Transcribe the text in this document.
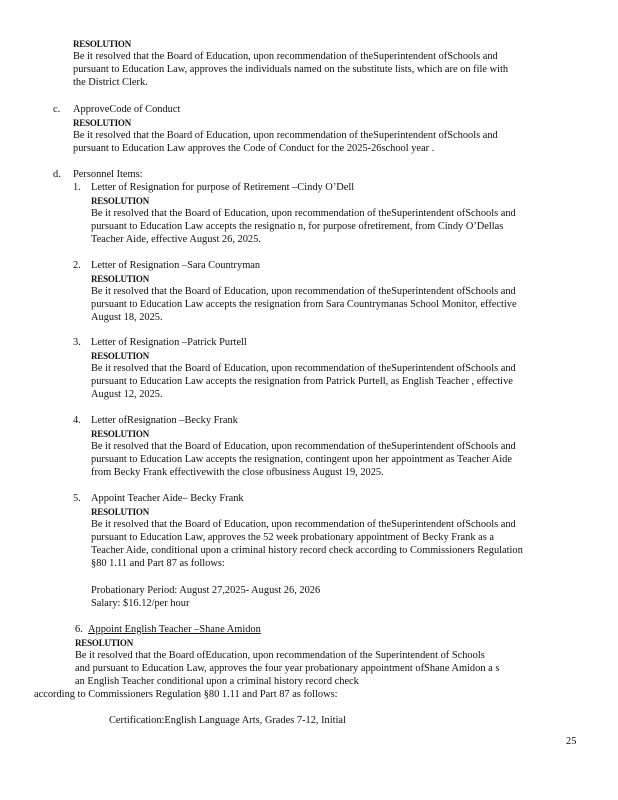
RESOLUTION
Be it resolved that the Board of Education, upon recommendation of theSuperintendent ofSchools and
pursuant to Education Law, approves the individuals named on the substitute lists, which are on file with
the District Clerk.
c. ApproveCode of Conduct
RESOLUTION
Be it resolved that the Board of Education, upon recommendation of theSuperintendent ofSchools and
pursuant to Education Law approves the Code of Conduct for the 2025-26school year .
d. Personnel Items:
1. Letter of Resignation for purpose of Retirement –Cindy O’Dell
RESOLUTION
Be it resolved that the Board of Education, upon recommendation of theSuperintendent ofSchools and
pursuant to Education Law accepts the resignatio n, for purpose ofretirement, from Cindy O’Dellas
Teacher Aide, effective August 26, 2025.
2. Letter of Resignation –Sara Countryman
RESOLUTION
Be it resolved that the Board of Education, upon recommendation of theSuperintendent ofSchools and
pursuant to Education Law accepts the resignation from Sara Countrymanas School Monitor, effective
August 18, 2025.
3. Letter of Resignation –Patrick Purtell
RESOLUTION
Be it resolved that the Board of Education, upon recommendation of theSuperintendent ofSchools and
pursuant to Education Law accepts the resignation from Patrick Purtell, as English Teacher , effective
August 12, 2025.
4. Letter ofResignation –Becky Frank
RESOLUTION
Be it resolved that the Board of Education, upon recommendation of theSuperintendent ofSchools and
pursuant to Education Law accepts the resignation, contingent upon her appointment as Teacher Aide
from Becky Frank effectivewith the close ofbusiness August 19, 2025.
5. Appoint Teacher Aide– Becky Frank
RESOLUTION
Be it resolved that the Board of Education, upon recommendation of theSuperintendent ofSchools and
pursuant to Education Law, approves the 52 week probationary appointment of Becky Frank as a
Teacher Aide, conditional upon a criminal history record check according to Commissioners Regulation
§80 1.11 and Part 87 as follows:
Probationary Period: August 27,2025- August 26, 2026
Salary: $16.12/per hour
6. Appoint English Teacher –Shane Amidon
RESOLUTION
Be it resolved that the Board ofEducation, upon recommendation of the Superintendent of Schools
and pursuant to Education Law, approves the four year probationary appointment ofShane Amidon a s
an English Teacher conditional upon a criminal history record check
according to Commissioners Regulation §80 1.11 and Part 87 as follows:
Certification:English Language Arts, Grades 7-12, Initial
25
